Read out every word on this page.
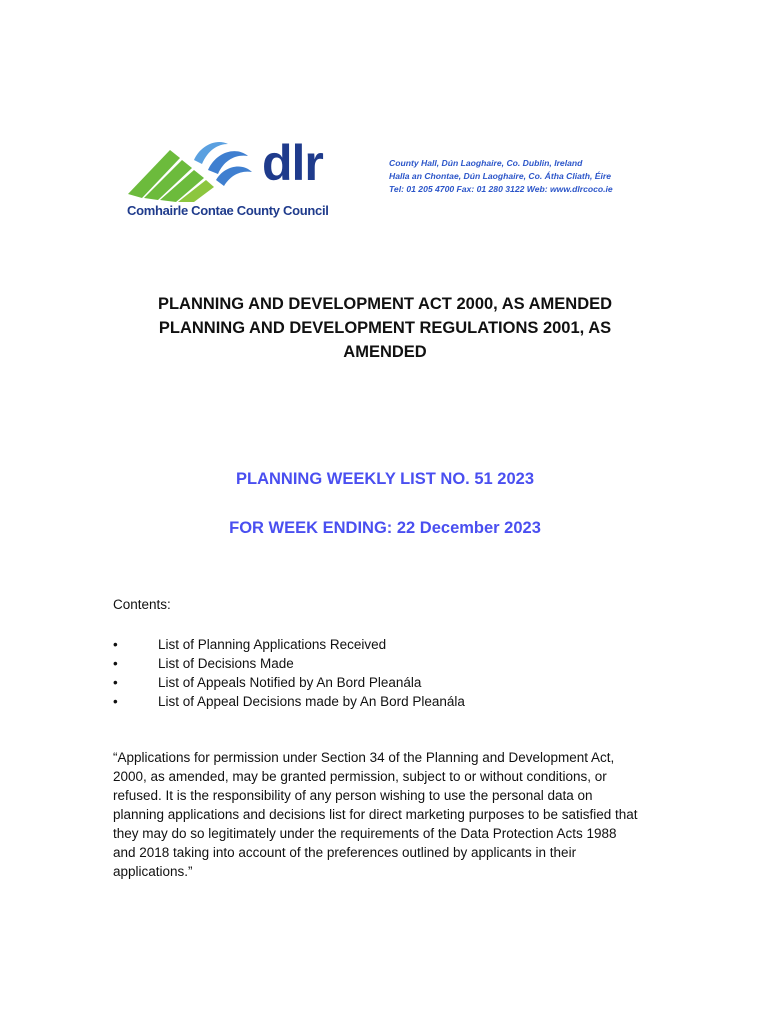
dlr
Comhairle Contae County Council
County Hall, Dún Laoghaire, Co. Dublin, Ireland
Halla an Chontae, Dún Laoghaire, Co. Átha Cliath, Éire
Tel: 01 205 4700 Fax: 01 280 3122 Web: www.dlrcoco.ie
PLANNING AND DEVELOPMENT ACT 2000, AS AMENDED
PLANNING AND DEVELOPMENT REGULATIONS 2001, AS
AMENDED
PLANNING WEEKLY LIST NO. 51 2023
FOR WEEK ENDING: 22 December 2023
Contents:
•	List of Planning Applications Received
•	List of Decisions Made
•	List of Appeals Notified by An Bord Pleanála
•	List of Appeal Decisions made by An Bord Pleanála

“Applications for permission under Section 34 of the Planning and Development Act,
2000, as amended, may be granted permission, subject to or without conditions, or
refused. It is the responsibility of any person wishing to use the personal data on
planning applications and decisions list for direct marketing purposes to be satisfied that
they may do so legitimately under the requirements of the Data Protection Acts 1988
and 2018 taking into account of the preferences outlined by applicants in their
applications.”
